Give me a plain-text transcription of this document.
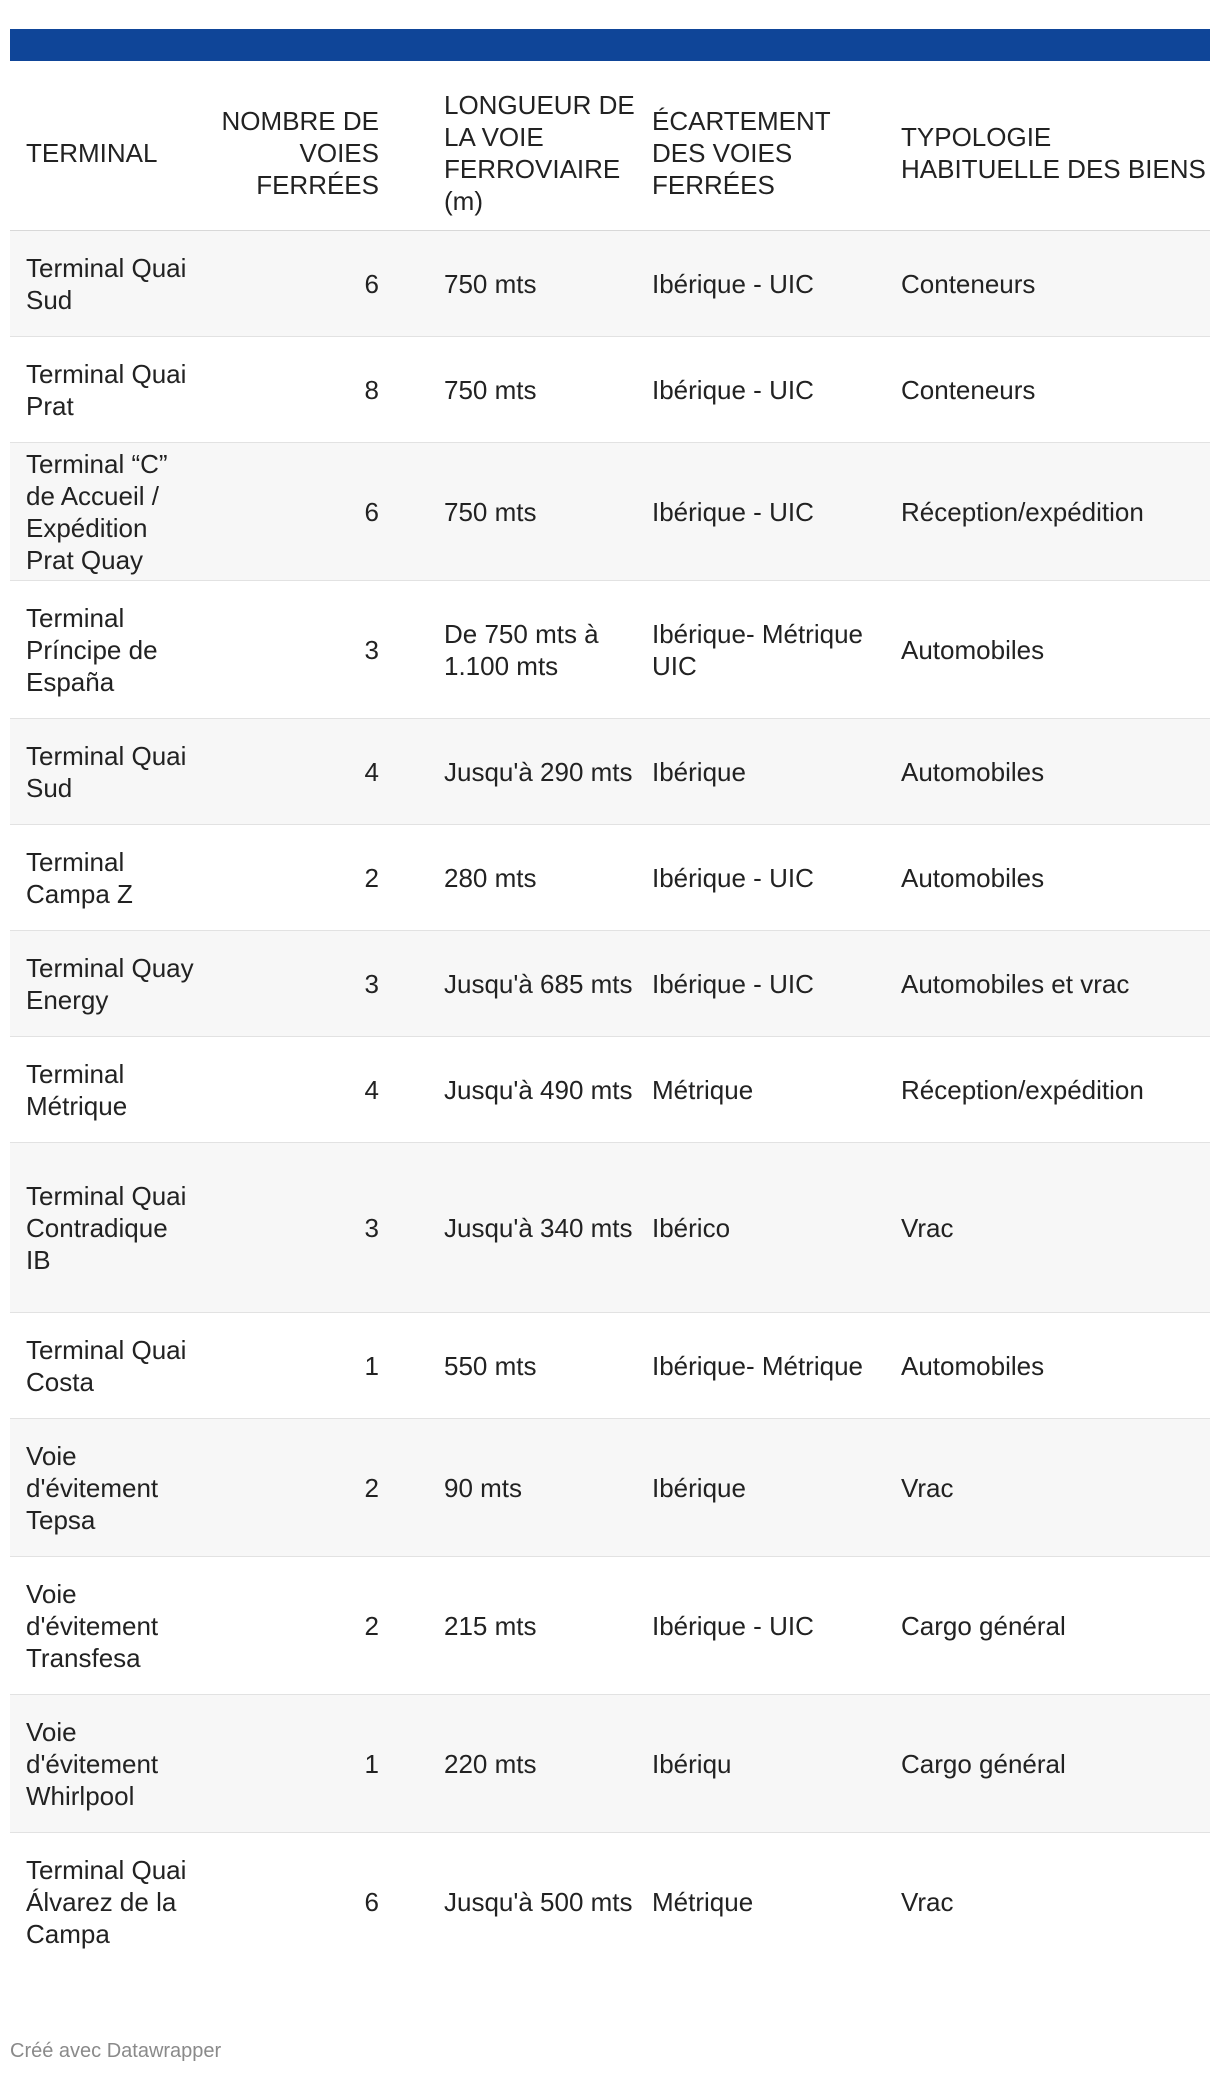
TERMINAL	NOMBRE DE VOIES FERRÉES	LONGUEUR DE LA VOIE FERROVIAIRE (m)	ÉCARTEMENT DES VOIES FERRÉES	TYPOLOGIE HABITUELLE DES BIENS
Terminal Quai Sud	6	750 mts	Ibérique - UIC	Conteneurs
Terminal Quai Prat	8	750 mts	Ibérique - UIC	Conteneurs
Terminal “C” de Accueil / Expédition Prat Quay	6	750 mts	Ibérique - UIC	Réception/expédition
Terminal Príncipe de España	3	De 750 mts à 1.100 mts	Ibérique- Métrique UIC	Automobiles
Terminal Quai Sud	4	Jusqu'à 290 mts	Ibérique	Automobiles
Terminal Campa Z	2	280 mts	Ibérique - UIC	Automobiles
Terminal Quay Energy	3	Jusqu'à 685 mts	Ibérique - UIC	Automobiles et vrac
Terminal Métrique	4	Jusqu'à 490 mts	Métrique	Réception/expédition
Terminal Quai Contradique IB	3	Jusqu'à 340 mts	Ibérico	Vrac
Terminal Quai Costa	1	550 mts	Ibérique- Métrique	Automobiles
Voie d'évitement Tepsa	2	90 mts	Ibérique	Vrac
Voie d'évitement Transfesa	2	215 mts	Ibérique - UIC	Cargo général
Voie d'évitement Whirlpool	1	220 mts	Ibériqu	Cargo général
Terminal Quai Álvarez de la Campa	6	Jusqu'à 500 mts	Métrique	Vrac
Créé avec Datawrapper
